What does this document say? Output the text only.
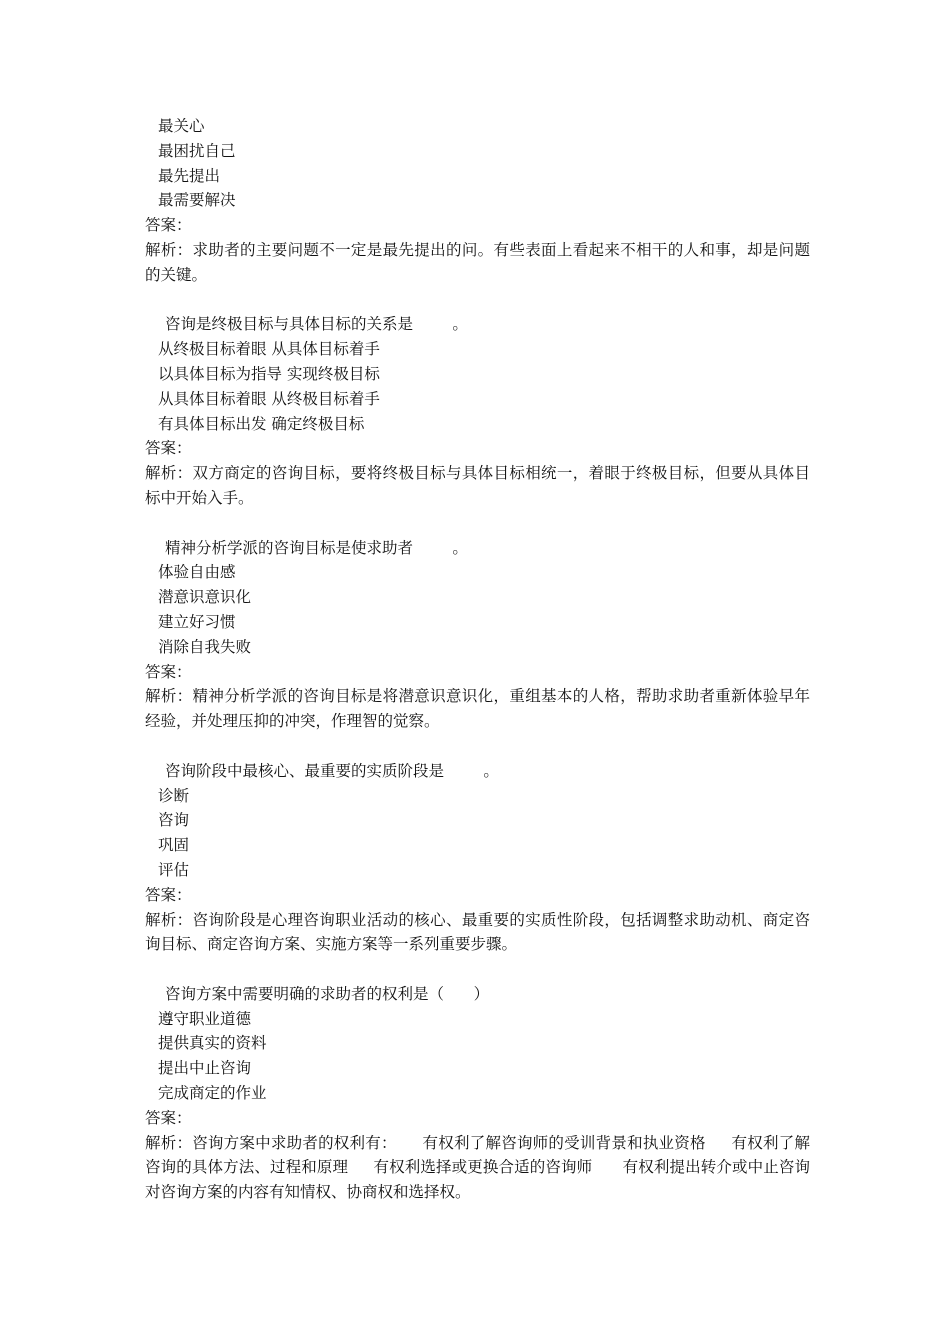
最关心
最困扰自己
最先提出
最需要解决
答案：
解析：求助者的主要问题不一定是最先提出的问。有些表面上看起来不相干的人和事，却是问题的关键。
咨询是终极目标与具体目标的关系是        。
从终极目标着眼 从具体目标着手
以具体目标为指导 实现终极目标
从具体目标着眼 从终极目标着手
有具体目标出发 确定终极目标
答案：
解析：双方商定的咨询目标，要将终极目标与具体目标相统一，着眼于终极目标，但要从具体目标中开始入手。
精神分析学派的咨询目标是使求助者        。
体验自由感
潜意识意识化
建立好习惯
消除自我失败
答案：
解析：精神分析学派的咨询目标是将潜意识意识化，重组基本的人格，帮助求助者重新体验早年经验，并处理压抑的冲突，作理智的觉察。
咨询阶段中最核心、最重要的实质阶段是        。
诊断
咨询
巩固
评估
答案：
解析：咨询阶段是心理咨询职业活动的核心、最重要的实质性阶段，包括调整求助动机、商定咨询目标、商定咨询方案、实施方案等一系列重要步骤。
咨询方案中需要明确的求助者的权利是（      ）
遵守职业道德
提供真实的资料
提出中止咨询
完成商定的作业
答案：
解析：咨询方案中求助者的权利有：     有权利了解咨询师的受训背景和执业资格     有权利了解咨询的具体方法、过程和原理     有权利选择或更换合适的咨询师      有权利提出转介或中止咨询     对咨询方案的内容有知情权、协商权和选择权。
